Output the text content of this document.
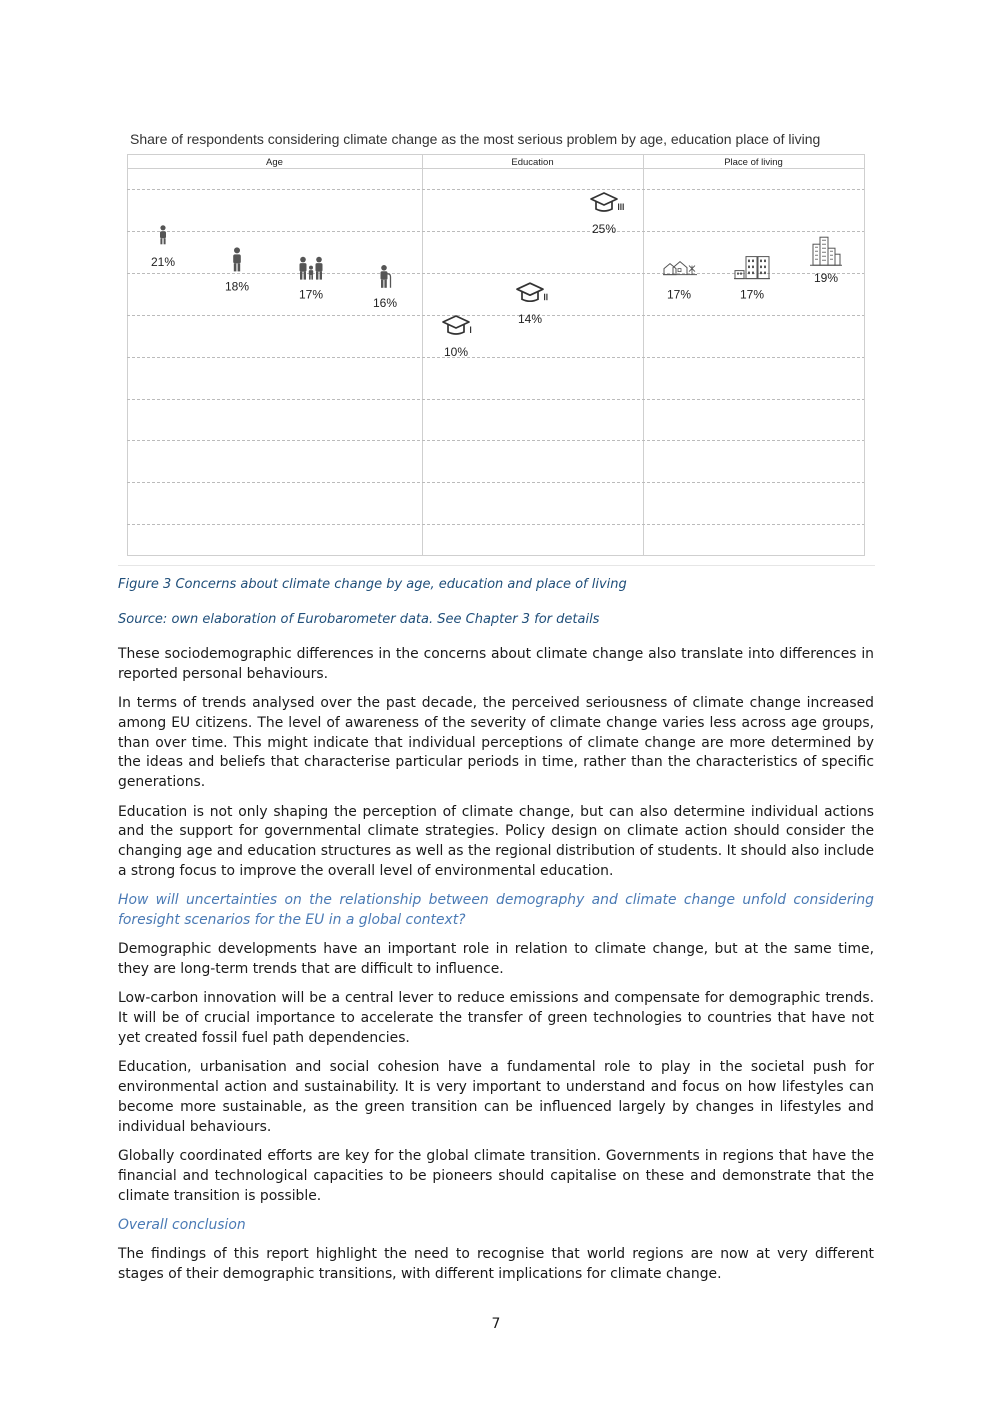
Share of respondents considering climate change as the most serious problem by age, education place of living
Age	Education	Place of living
21%
18%
17%
16%
10%
14%
25%
17%	17%
19%
Figure 3 Concerns about climate change by age, education and place of living
Source: own elaboration of Eurobarometer data. See Chapter 3 for details

These sociodemographic differences in the concerns about climate change also translate into differences in reported personal behaviours.

In terms of trends analysed over the past decade, the perceived seriousness of climate change increased among EU citizens. The level of awareness of the severity of climate change varies less across age groups, than over time. This might indicate that individual perceptions of climate change are more determined by the ideas and beliefs that characterise particular periods in time, rather than the characteristics of specific generations.

Education is not only shaping the perception of climate change, but can also determine individual actions and the support for governmental climate strategies. Policy design on climate action should consider the changing age and education structures as well as the regional distribution of students. It should also include a strong focus to improve the overall level of environmental education.

How will uncertainties on the relationship between demography and climate change unfold considering foresight scenarios for the EU in a global context?

Demographic developments have an important role in relation to climate change, but at the same time, they are long-term trends that are difficult to influence.

Low-carbon innovation will be a central lever to reduce emissions and compensate for demographic trends. It will be of crucial importance to accelerate the transfer of green technologies to countries that have not yet created fossil fuel path dependencies.

Education, urbanisation and social cohesion have a fundamental role to play in the societal push for environmental action and sustainability. It is very important to understand and focus on how lifestyles can become more sustainable, as the green transition can be influenced largely by changes in lifestyles and individual behaviours.

Globally coordinated efforts are key for the global climate transition. Governments in regions that have the financial and technological capacities to be pioneers should capitalise on these and demonstrate that the climate transition is possible.

Overall conclusion

The findings of this report highlight the need to recognise that world regions are now at very different stages of their demographic transitions, with different implications for climate change.

7
